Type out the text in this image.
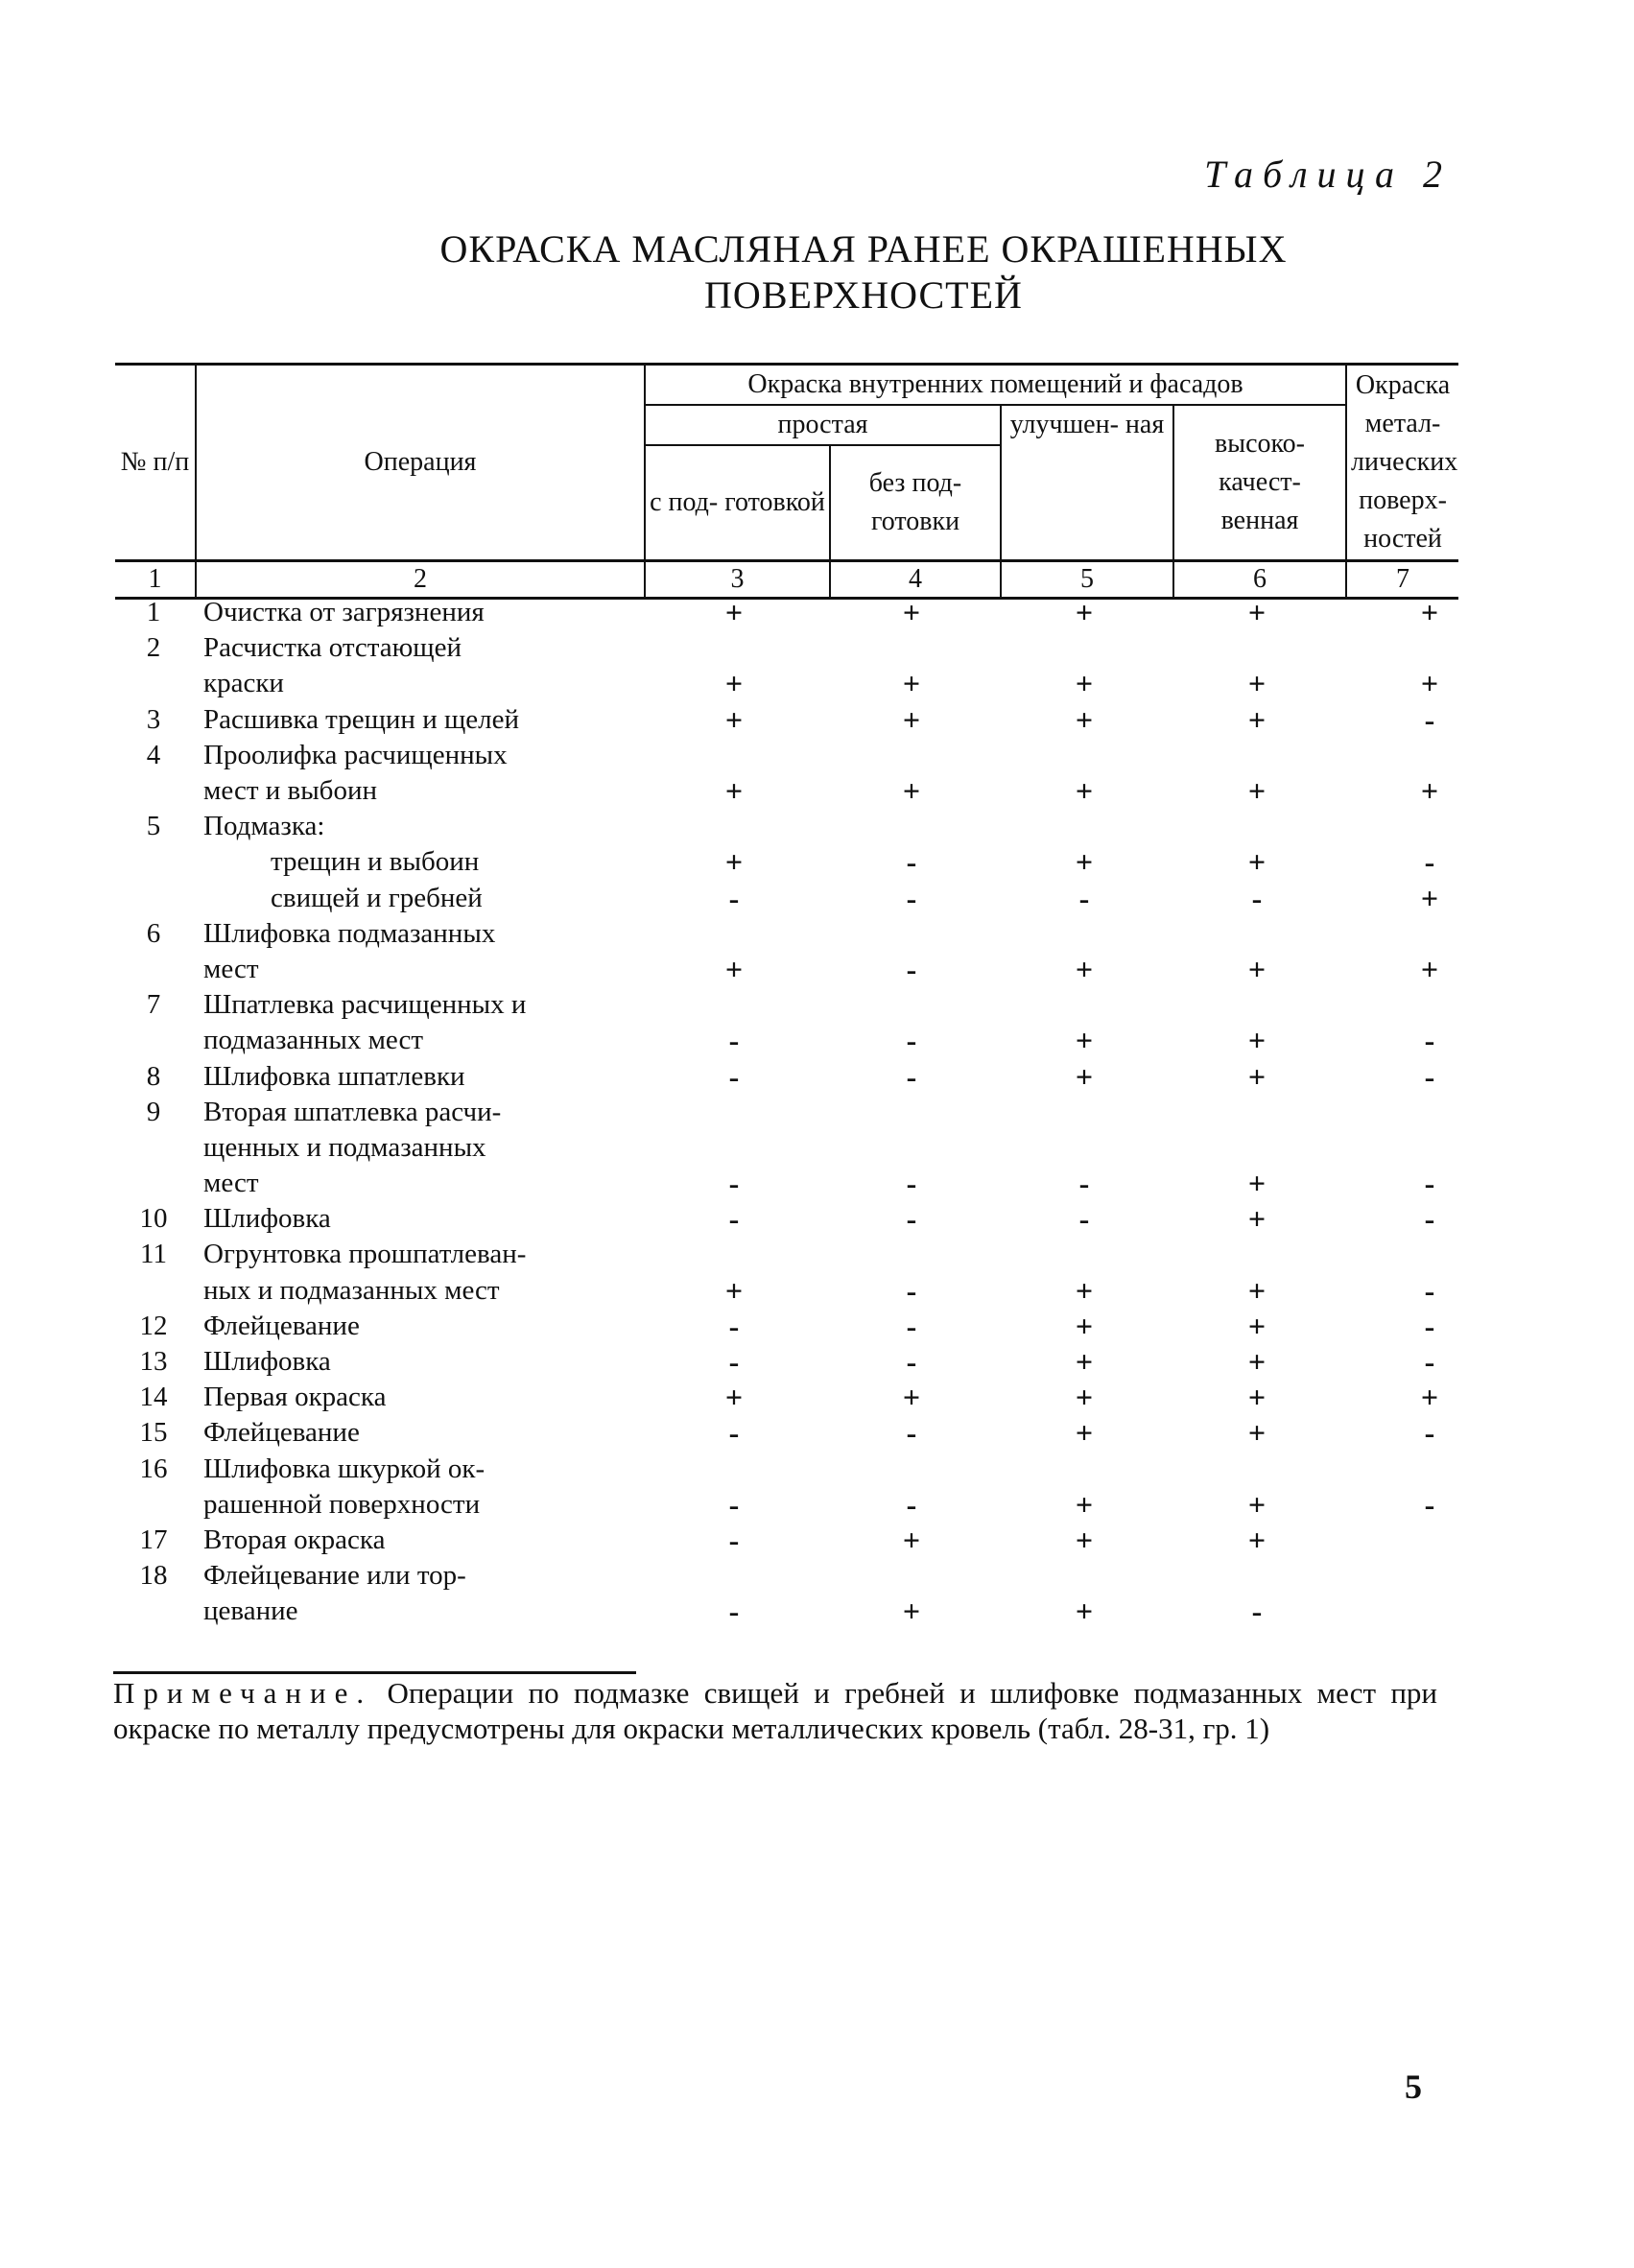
Таблица 2
ОКРАСКА МАСЛЯНАЯ РАНЕЕ ОКРАШЕННЫХ
ПОВЕРХНОСТЕЙ
№ п/п	Операция	Окраска внутренних помещений и фасадов				Окраска метал- лических поверх- ностей
		простая		улучшен- ная	высоко- качест- венная	
		с под- готовкой	без под- готовки			
1	2	3	4	5	6	7
1	Очистка от загрязнения	+	+	+	+	+
2	Расчистка отстающей
краски	+	+	+	+	+
3	Расшивка трещин и щелей	+	+	+	+	-
4	Проолифка расчищенных
мест и выбоин	+	+	+	+	+
5	Подмазка:
трещин и выбоин	+	-	+	+	-
свищей и гребней	-	-	-	-	+
6	Шлифовка подмазанных
мест	+	-	+	+	+
7	Шпатлевка расчищенных и
подмазанных мест	-	-	+	+	-
8	Шлифовка шпатлевки	-	-	+	+	-
9	Вторая шпатлевка расчи-
щенных и подмазанных
мест	-	-	-	+	-
10	Шлифовка	-	-	-	+	-
11	Огрунтовка прошпатлеван-
ных и подмазанных мест	+	-	+	+	-
12	Флейцевание	-	-	+	+	-
13	Шлифовка	-	-	+	+	-
14	Первая окраска	+	+	+	+	+
15	Флейцевание	-	-	+	+	-
16	Шлифовка шкуркой ок-
рашенной поверхности	-	-	+	+	-
17	Вторая окраска	-	+	+	+
18	Флейцевание или тор-
цевание	-	+	+	-
Примечание. Операции по подмазке свищей и гребней и шлифовке подмазанных мест при окраске по металлу предусмотрены для окраски металлических кровель (табл. 28-31, гр. 1)
5
